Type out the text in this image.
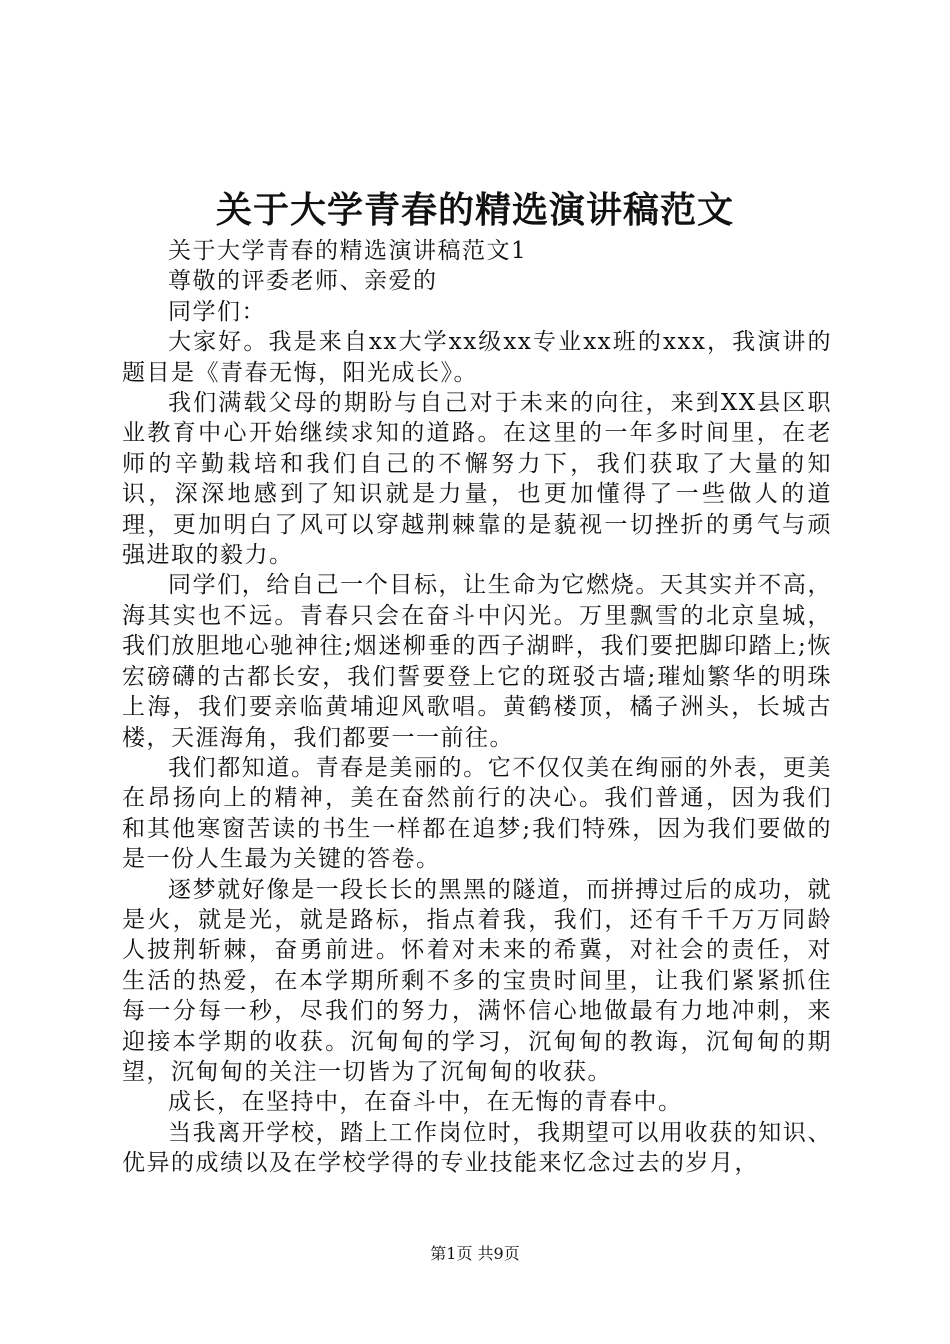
关于大学青春的精选演讲稿范文

关于大学青春的精选演讲稿范文1

尊敬的评委老师、亲爱的

同学们：

大家好。我是来自xx大学xx级xx专业xx班的xxx，我演讲的题目是《青春无悔，阳光成长》。

我们满载父母的期盼与自己对于未来的向往，来到XX县区职业教育中心开始继续求知的道路。在这里的一年多时间里，在老师的辛勤栽培和我们自己的不懈努力下，我们获取了大量的知识，深深地感到了知识就是力量，也更加懂得了一些做人的道理，更加明白了风可以穿越荆棘靠的是藐视一切挫折的勇气与顽强进取的毅力。

同学们，给自己一个目标，让生命为它燃烧。天其实并不高，海其实也不远。青春只会在奋斗中闪光。万里飘雪的北京皇城，我们放胆地心驰神往;烟迷柳垂的西子湖畔，我们要把脚印踏上;恢宏磅礴的古都长安，我们誓要登上它的斑驳古墙;璀灿繁华的明珠上海，我们要亲临黄埔迎风歌唱。黄鹤楼顶，橘子洲头，长城古楼，天涯海角，我们都要一一前往。

我们都知道。青春是美丽的。它不仅仅美在绚丽的外表，更美在昂扬向上的精神，美在奋然前行的决心。我们普通，因为我们和其他寒窗苦读的书生一样都在追梦;我们特殊，因为我们要做的是一份人生最为关键的答卷。

逐梦就好像是一段长长的黑黑的隧道，而拼搏过后的成功，就是火，就是光，就是路标，指点着我，我们，还有千千万万同龄人披荆斩棘，奋勇前进。怀着对未来的希冀，对社会的责任，对生活的热爱，在本学期所剩不多的宝贵时间里，让我们紧紧抓住每一分每一秒，尽我们的努力，满怀信心地做最有力地冲刺，来迎接本学期的收获。沉甸甸的学习，沉甸甸的教诲，沉甸甸的期望，沉甸甸的关注一切皆为了沉甸甸的收获。

成长，在坚持中，在奋斗中，在无悔的青春中。

当我离开学校，踏上工作岗位时，我期望可以用收获的知识、优异的成绩以及在学校学得的专业技能来忆念过去的岁月，

第1页 共9页
